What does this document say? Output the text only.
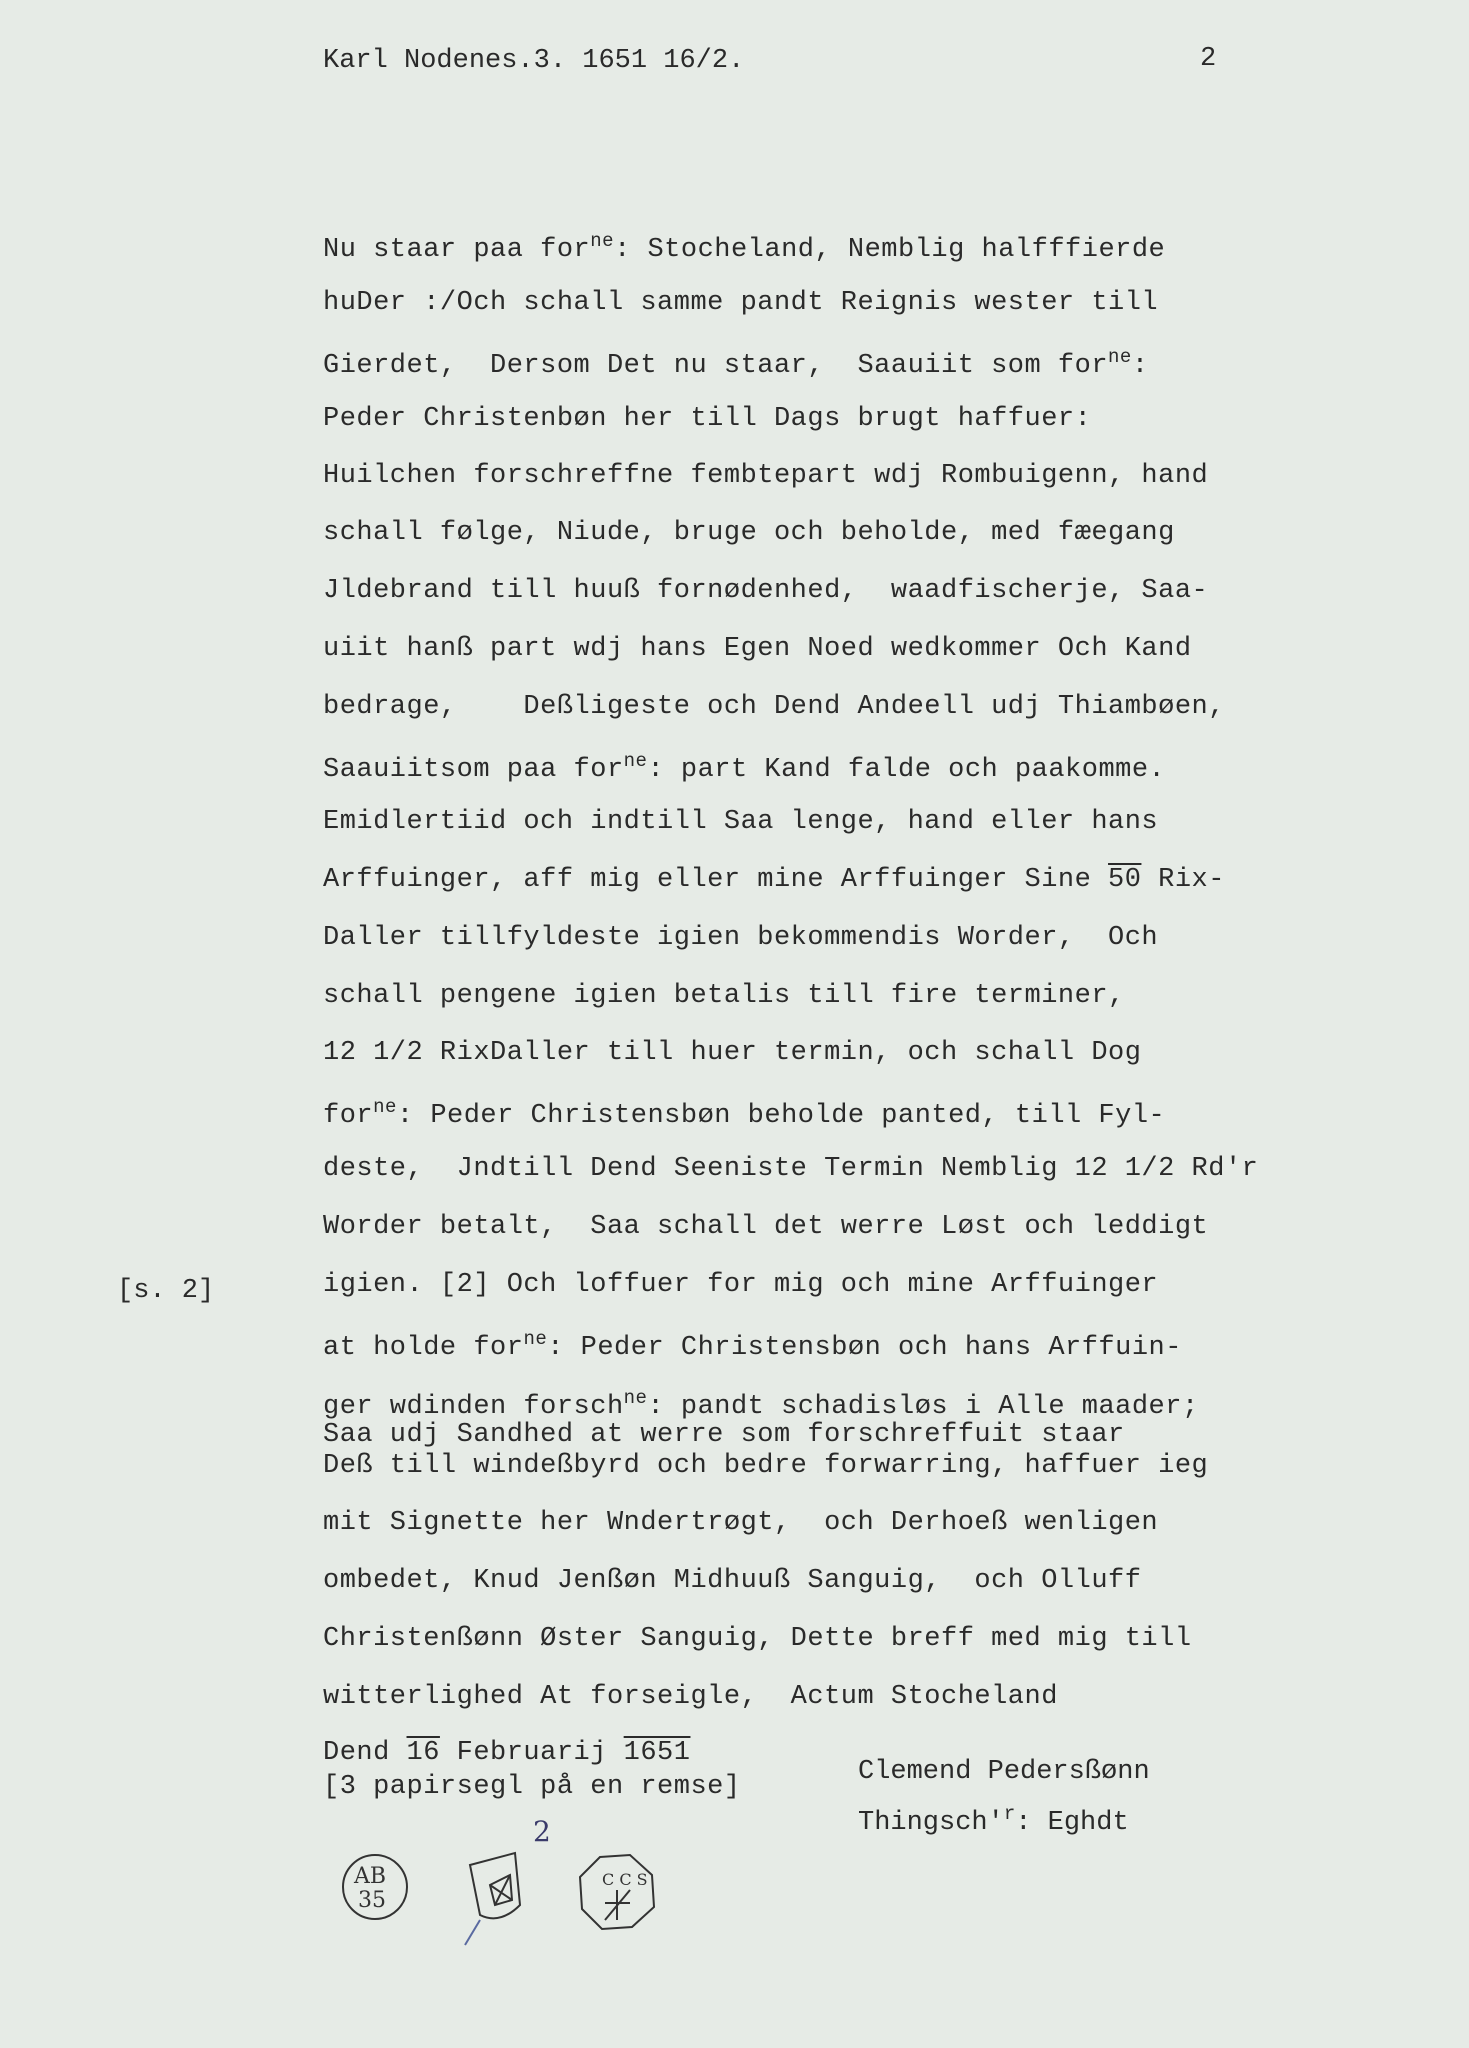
Karl Nodenes.3. 1651 16/2.	2
Nu staar paa for$^{ne}$: Stocheland, Nemblig halfffierde
huDer :/Och schall samme pandt Reignis wester till
Gierdet,  Dersom Det nu staar,  Saauiit som for$^{ne}$:
Peder Christenbøn her till Dags brugt haffuer:
Huilchen forschreffne fembtepart wdj Rombuigenn, hand
schall følge, Niude, bruge och beholde, med fæegang
Jldebrand till huuß fornødenhed,  waadfischerje, Saa-
uiit hanß part wdj hans Egen Noed wedkommer Och Kand
bedrage,    Deßligeste och Dend Andeell udj Thiambøen,
Saauiitsom paa for$^{ne}$: part Kand falde och paakomme.
Emidlertiid och indtill Saa lenge, hand eller hans
Arffuinger, aff mig eller mine Arffuinger Sine 50 Rix-
Daller tillfyldeste igien bekommendis Worder,  Och
schall pengene igien betalis till fire terminer,
12 1/2 RixDaller till huer termin, och schall Dog
for$^{ne}$: Peder Christensbøn beholde panted, till Fyl-
deste,  Jndtill Dend Seeniste Termin Nemblig 12 1/2 Rd'r
Worder betalt,  Saa schall det werre Løst och leddigt
igien. [2] Och loffuer for mig och mine Arffuinger
at holde for$^{ne}$: Peder Christensbøn och hans Arffuin-
ger wdinden forsch$^{ne}$: pandt schadisløs i Alle maader;
Saa udj Sandhed at werre som forschreffuit staar
Deß till windeßbyrd och bedre forwarring, haffuer ieg
mit Signette her Wndertrøgt,  och Derhoeß wenligen
ombedet, Knud Jenßøn Midhuuß Sanguig,  och Olluff
Christenßønn Øster Sanguig, Dette breff med mig till
witterlighed At forseigle,  Actum Stocheland
Dend 16 Februarij 1651
[3 papirsegl på en remse]
[s. 2]
Clemend Pedersßønn
$Thingsch'^r$: Eghdt
2
AB
35
C C S
